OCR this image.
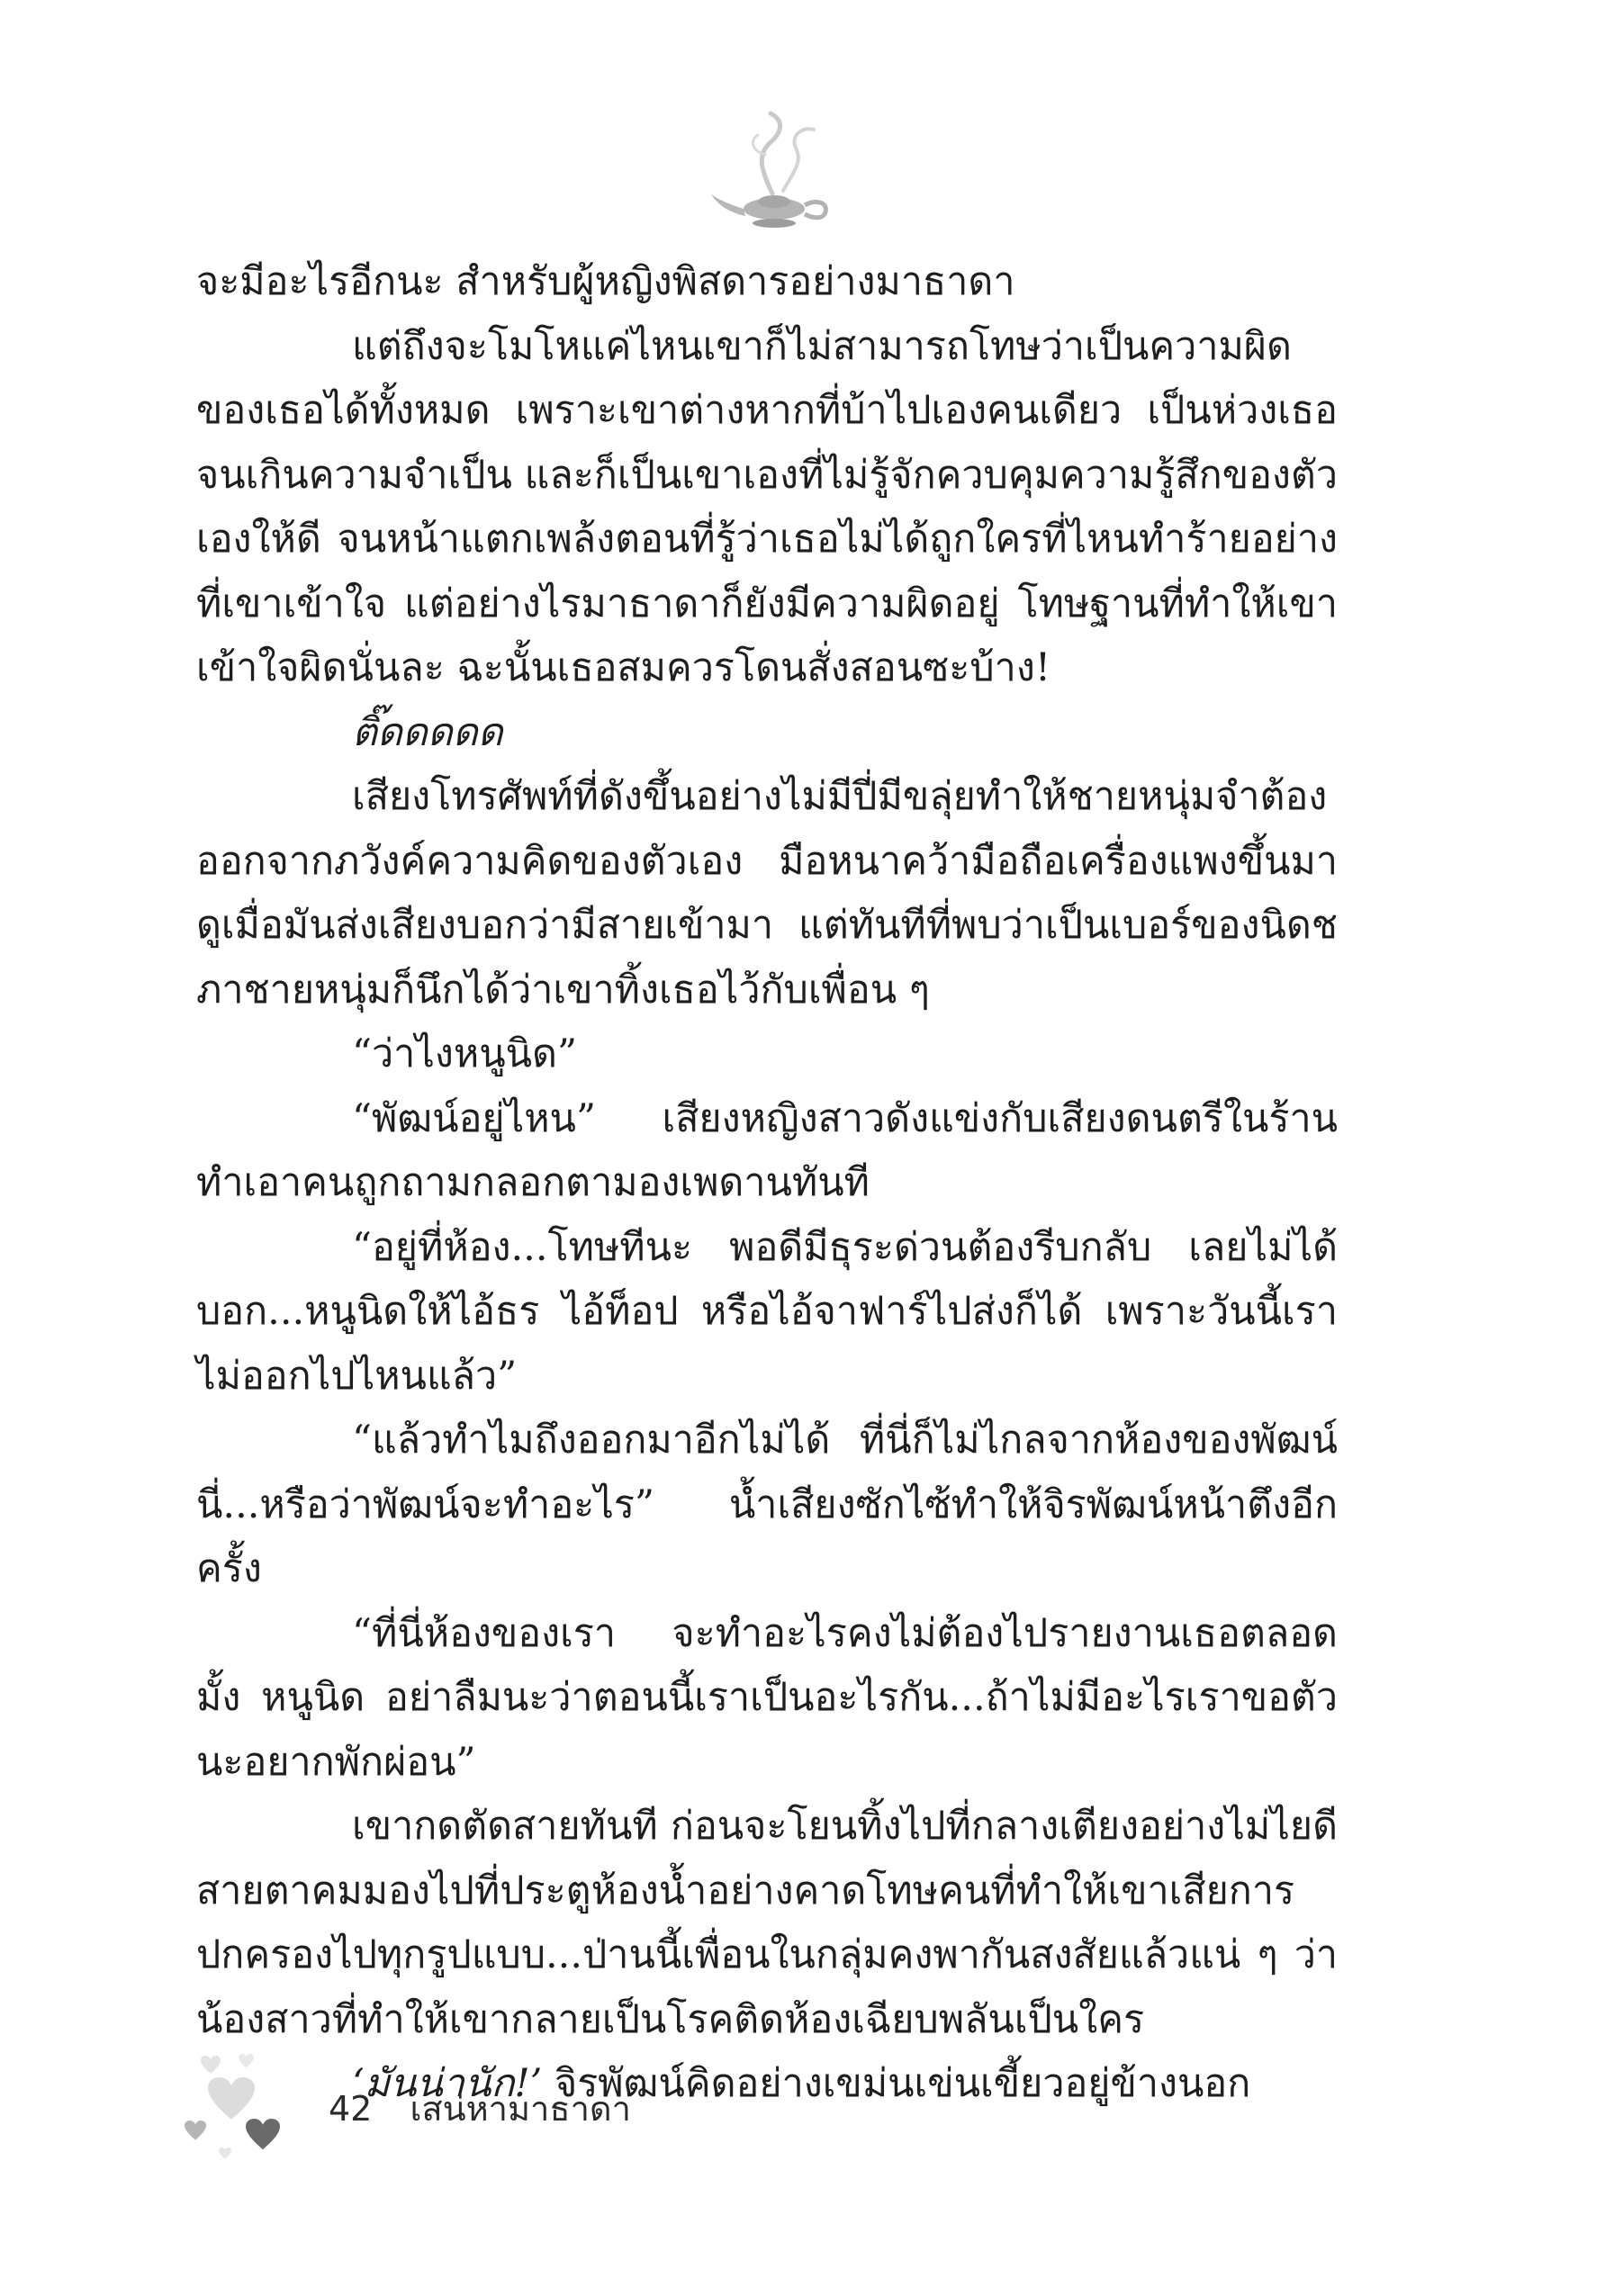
จะมีอะไรอีกนะ สำหรับผู้หญิงพิสดารอย่างมาธาดา

แต่ถึงจะโมโหแค่ไหนเขาก็ไม่สามารถโทษว่าเป็นความผิดของเธอได้ทั้งหมด เพราะเขาต่างหากที่บ้าไปเองคนเดียว เป็นห่วงเธอจนเกินความจำเป็น และก็เป็นเขาเองที่ไม่รู้จักควบคุมความรู้สึกของตัวเองให้ดี จนหน้าแตกเพล้งตอนที่รู้ว่าเธอไม่ได้ถูกใครที่ไหนทำร้ายอย่างที่เขาเข้าใจ แต่อย่างไรมาธาดาก็ยังมีความผิดอยู่ โทษฐานที่ทำให้เขาเข้าใจผิดนั่นละ ฉะนั้นเธอสมควรโดนสั่งสอนซะบ้าง!

ติ๊ดดดดด

เสียงโทรศัพท์ที่ดังขึ้นอย่างไม่มีปี่มีขลุ่ยทำให้ชายหนุ่มจำต้องออกจากภวังค์ความคิดของตัวเอง มือหนาคว้ามือถือเครื่องแพงขึ้นมาดูเมื่อมันส่งเสียงบอกว่ามีสายเข้ามา แต่ทันทีที่พบว่าเป็นเบอร์ของนิดชภาชายหนุ่มก็นึกได้ว่าเขาทิ้งเธอไว้กับเพื่อน ๆ

“ว่าไงหนูนิด”

“พัฒน์อยู่ไหน” เสียงหญิงสาวดังแข่งกับเสียงดนตรีในร้านทำเอาคนถูกถามกลอกตามองเพดานทันที

“อยู่ที่ห้อง...โทษทีนะ พอดีมีธุระด่วนต้องรีบกลับ เลยไม่ได้บอก...หนูนิดให้ไอ้ธร ไอ้ท็อป หรือไอ้จาฟาร์ไปส่งก็ได้ เพราะวันนี้เราไม่ออกไปไหนแล้ว”

“แล้วทำไมถึงออกมาอีกไม่ได้ ที่นี่ก็ไม่ไกลจากห้องของพัฒน์นี่...หรือว่าพัฒน์จะทำอะไร” น้ำเสียงซักไซ้ทำให้จิรพัฒน์หน้าตึงอีกครั้ง

“ที่นี่ห้องของเรา จะทำอะไรคงไม่ต้องไปรายงานเธอตลอดมั้ง หนูนิด อย่าลืมนะว่าตอนนี้เราเป็นอะไรกัน...ถ้าไม่มีอะไรเราขอตัวนะอยากพักผ่อน”

เขากดตัดสายทันที ก่อนจะโยนทิ้งไปที่กลางเตียงอย่างไม่ไยดี สายตาคมมองไปที่ประตูห้องน้ำอย่างคาดโทษคนที่ทำให้เขาเสียการปกครองไปทุกรูปแบบ...ป่านนี้เพื่อนในกลุ่มคงพากันสงสัยแล้วแน่ ๆ ว่าน้องสาวที่ทำให้เขากลายเป็นโรคติดห้องเฉียบพลันเป็นใคร

‘มันน่านัก!’ จิรพัฒน์คิดอย่างเขม่นเข่นเขี้ยวอยู่ข้างนอก

42 เสน่หามาธาดา
